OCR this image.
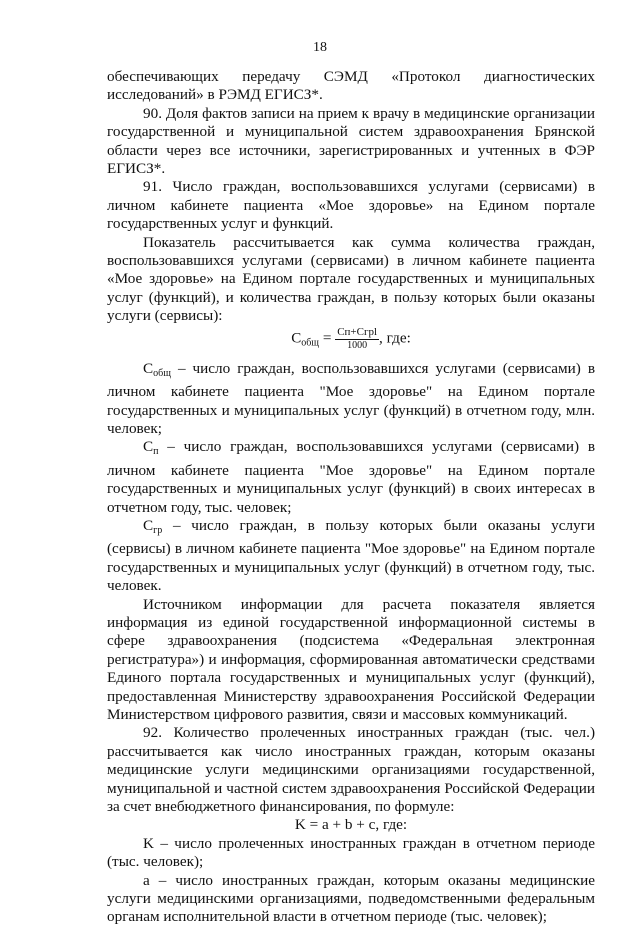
18

обеспечивающих передачу СЭМД «Протокол диагностических исследований» в РЭМД ЕГИСЗ*.

90. Доля фактов записи на прием к врачу в медицинские организации государственной и муниципальной систем здравоохранения Брянской области через все источники, зарегистрированных и учтенных в ФЭР ЕГИСЗ*.

91. Число граждан, воспользовавшихся услугами (сервисами) в личном кабинете пациента «Мое здоровье» на Едином портале государственных услуг и функций.

Показатель рассчитывается как сумма количества граждан, воспользовавшихся услугами (сервисами) в личном кабинете пациента «Мое здоровье» на Едином портале государственных и муниципальных услуг (функций), и количества граждан, в пользу которых были оказаны услуги (сервисы):

$C_{общ} = \frac{\text{Cп+Cгрl}}{1000}$ , где:

$C_{общ}$ – число граждан, воспользовавшихся услугами (сервисами) в личном кабинете пациента "Мое здоровье" на Едином портале государственных и муниципальных услуг (функций) в отчетном году, млн. человек;

$C_п$ – число граждан, воспользовавшихся услугами (сервисами) в личном кабинете пациента "Мое здоровье" на Едином портале государственных и муниципальных услуг (функций) в своих интересах в отчетном году, тыс. человек;

$C_{гр}$ – число граждан, в пользу которых были оказаны услуги (сервисы) в личном кабинете пациента "Мое здоровье" на Едином портале государственных и муниципальных услуг (функций) в отчетном году, тыс. человек.

Источником информации для расчета показателя является информация из единой государственной информационной системы в сфере здравоохранения (подсистема «Федеральная электронная регистратура») и информация, сформированная автоматически средствами Единого портала государственных и муниципальных услуг (функций), предоставленная Министерству здравоохранения Российской Федерации Министерством цифрового развития, связи и массовых коммуникаций.

92. Количество пролеченных иностранных граждан (тыс. чел.) рассчитывается как число иностранных граждан, которым оказаны медицинские услуги медицинскими организациями государственной, муниципальной и частной систем здравоохранения Российской Федерации за счет внебюджетного финансирования, по формуле:

K = a + b + c, где:

K – число пролеченных иностранных граждан в отчетном периоде (тыс. человек);

a – число иностранных граждан, которым оказаны медицинские услуги медицинскими организациями, подведомственными федеральным органам исполнительной власти в отчетном периоде (тыс. человек);
